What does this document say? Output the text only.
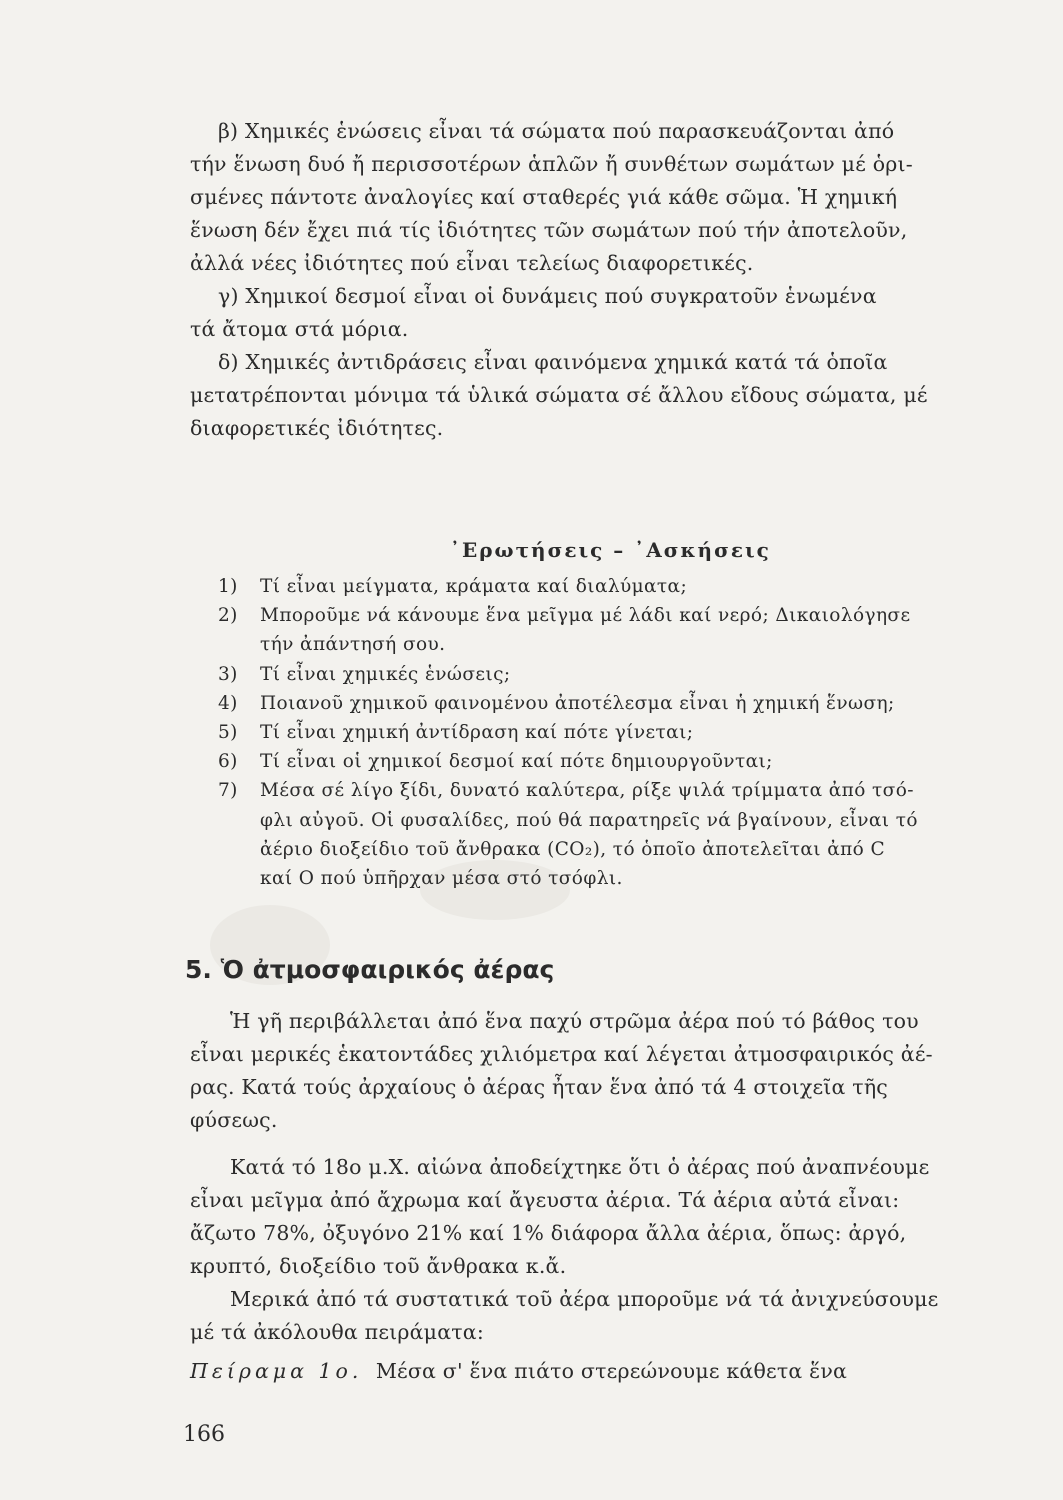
β) Χημικές ἑνώσεις εἶναι τά σώματα πού παρασκευάζονται ἀπό
τήν ἕνωση δυό ἤ περισσοτέρων ἁπλῶν ἤ συνθέτων σωμάτων μέ ὁρι-
σμένες πάντοτε ἀναλογίες καί σταθερές γιά κάθε σῶμα. Ἡ χημική
ἕνωση δέν ἔχει πιά τίς ἰδιότητες τῶν σωμάτων πού τήν ἀποτελοῦν,
ἀλλά νέες ἰδιότητες πού εἶναι τελείως διαφορετικές.

γ) Χημικοί δεσμοί εἶναι οἱ δυνάμεις πού συγκρατοῦν ἑνωμένα
τά ἄτομα στά μόρια.

δ) Χημικές ἀντιδράσεις εἶναι φαινόμενα χημικά κατά τά ὁποῖα
μετατρέπονται μόνιμα τά ὑλικά σώματα σέ ἄλλου εἴδους σώματα, μέ
διαφορετικές ἰδιότητες.

᾿Ερωτήσεις – ᾿Ασκήσεις
1) Τί εἶναι μείγματα, κράματα καί διαλύματα;
2) Μποροῦμε νά κάνουμε ἕνα μεῖγμα μέ λάδι καί νερό; Δικαιολόγησε
τήν ἀπάντησή σου.
3) Τί εἶναι χημικές ἑνώσεις;
4) Ποιανοῦ χημικοῦ φαινομένου ἀποτέλεσμα εἶναι ἡ χημική ἕνωση;
5) Τί εἶναι χημική ἀντίδραση καί πότε γίνεται;
6) Τί εἶναι οἱ χημικοί δεσμοί καί πότε δημιουργοῦνται;
7) Μέσα σέ λίγο ξίδι, δυνατό καλύτερα, ρίξε ψιλά τρίμματα ἀπό τσό-
φλι αὐγοῦ. Οἱ φυσαλίδες, πού θά παρατηρεῖς νά βγαίνουν, εἶναι τό
ἀέριο διοξείδιο τοῦ ἄνθρακα (CO₂), τό ὁποῖο ἀποτελεῖται ἀπό C
καί O πού ὑπῆρχαν μέσα στό τσόφλι.
5. Ὁ ἀτμοσφαιρικός ἀέρας

Ἡ γῆ περιβάλλεται ἀπό ἕνα παχύ στρῶμα ἀέρα πού τό βάθος του
εἶναι μερικές ἑκατοντάδες χιλιόμετρα καί λέγεται ἀτμοσφαιρικός ἀέ-
ρας. Κατά τούς ἀρχαίους ὁ ἀέρας ἦταν ἕνα ἀπό τά 4 στοιχεῖα τῆς
φύσεως.

Κατά τό 18ο μ.Χ. αἰώνα ἀποδείχτηκε ὅτι ὁ ἀέρας πού ἀναπνέουμε
εἶναι μεῖγμα ἀπό ἄχρωμα καί ἄγευστα ἀέρια. Τά ἀέρια αὐτά εἶναι:
ἄζωτο 78%, ὀξυγόνο 21% καί 1% διάφορα ἄλλα ἀέρια, ὅπως: ἀργό,
κρυπτό, διοξείδιο τοῦ ἄνθρακα κ.ἄ.

Μερικά ἀπό τά συστατικά τοῦ ἀέρα μποροῦμε νά τά ἀνιχνεύσουμε
μέ τά ἀκόλουθα πειράματα:

Πείραμα 1ο. Μέσα σ' ἕνα πιάτο στερεώνουμε κάθετα ἕνα

166
